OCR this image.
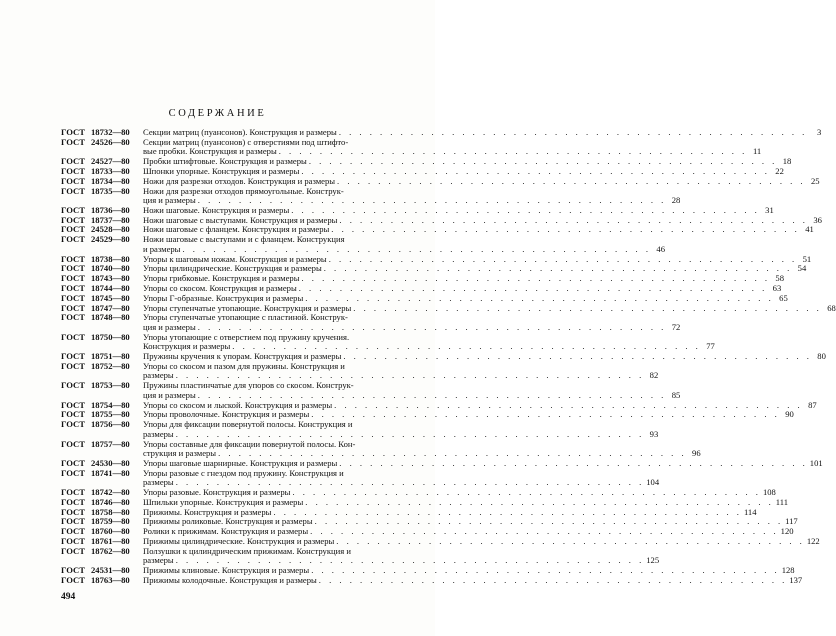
СОДЕРЖАНИЕ
ГОСТ 18732—80	Секции матриц (пуансонов). Конструкция и размеры . . .	3
ГОСТ 24526—80	Секции матриц (пуансонов) с отверстиями под штифто-
вые пробки. Конструкция и размеры . . .	11
ГОСТ 24527—80	Пробки штифтовые. Конструкция и размеры . . .	18
ГОСТ 18733—80	Шпонки упорные. Конструкция и размеры . . .	22
ГОСТ 18734—80	Ножи для разрезки отходов. Конструкция и размеры . . .	25
ГОСТ 18735—80	Ножи для разрезки отходов прямоугольные. Конструк-
ция и размеры . . .	28
ГОСТ 18736—80	Ножи шаговые. Конструкция и размеры . . .	31
ГОСТ 18737—80	Ножи шаговые с выступами. Конструкция и размеры . . .	36
ГОСТ 24528—80	Ножи шаговые с фланцем. Конструкция и размеры . . .	41
ГОСТ 24529—80	Ножи шаговые с выступами и с фланцем. Конструкция
и размеры . . .	46
ГОСТ 18738—80	Упоры к шаговым ножам. Конструкция и размеры . . .	51
ГОСТ 18740—80	Упоры цилиндрические. Конструкция и размеры . . .	54
ГОСТ 18743—80	Упоры грибковые. Конструкция и размеры . . .	58
ГОСТ 18744—80	Упоры со скосом. Конструкция и размеры . . .	63
ГОСТ 18745—80	Упоры Г-образные. Конструкция и размеры . . .	65
ГОСТ 18747—80	Упоры ступенчатые утопающие. Конструкция и размеры . . .	68
ГОСТ 18748—80	Упоры ступенчатые утопающие с пластиной. Конструк-
ция и размеры . . .	72
ГОСТ 18750—80	Упоры утопающие с отверстием под пружину кручения.
Конструкция и размеры . . .	77
ГОСТ 18751—80	Пружины кручения к упорам. Конструкция и размеры . . .	80
ГОСТ 18752—80	Упоры со скосом и пазом для пружины. Конструкция и
размеры . . .	82
ГОСТ 18753—80	Пружины пластинчатые для упоров со скосом. Конструк-
ция и размеры . . .	85
ГОСТ 18754—80	Упоры со скосом и лыской. Конструкция и размеры . . .	87
ГОСТ 18755—80	Упоры проволочные. Конструкция и размеры . . .	90
ГОСТ 18756—80	Упоры для фиксации повернутой полосы. Конструкция и
размеры . . .	93
ГОСТ 18757—80	Упоры составные для фиксации повернутой полосы. Кон-
струкция и размеры . . .	96
ГОСТ 24530—80	Упоры шаговые шарнирные. Конструкция и размеры . . .	101
ГОСТ 18741—80	Упоры разовые с гнездом под пружину. Конструкция и
размеры . . .	104
ГОСТ 18742—80	Упоры разовые. Конструкция и размеры . . .	108
ГОСТ 18746—80	Шпильки упорные. Конструкция и размеры . . .	111
ГОСТ 18758—80	Прижимы. Конструкция и размеры . . .	114
ГОСТ 18759—80	Прижимы роликовые. Конструкция и размеры . . .	117
ГОСТ 18760—80	Ролики к прижимам. Конструкция и размеры . . .	120
ГОСТ 18761—80	Прижимы цилиндрические. Конструкция и размеры . . .	122
ГОСТ 18762—80	Ползушки к цилиндрическим прижимам. Конструкция и
размеры . . .	125
ГОСТ 24531—80	Прижимы клиновые. Конструкция и размеры . . .	128
ГОСТ 18763—80	Прижимы колодочные. Конструкция и размеры . . .	137
494
